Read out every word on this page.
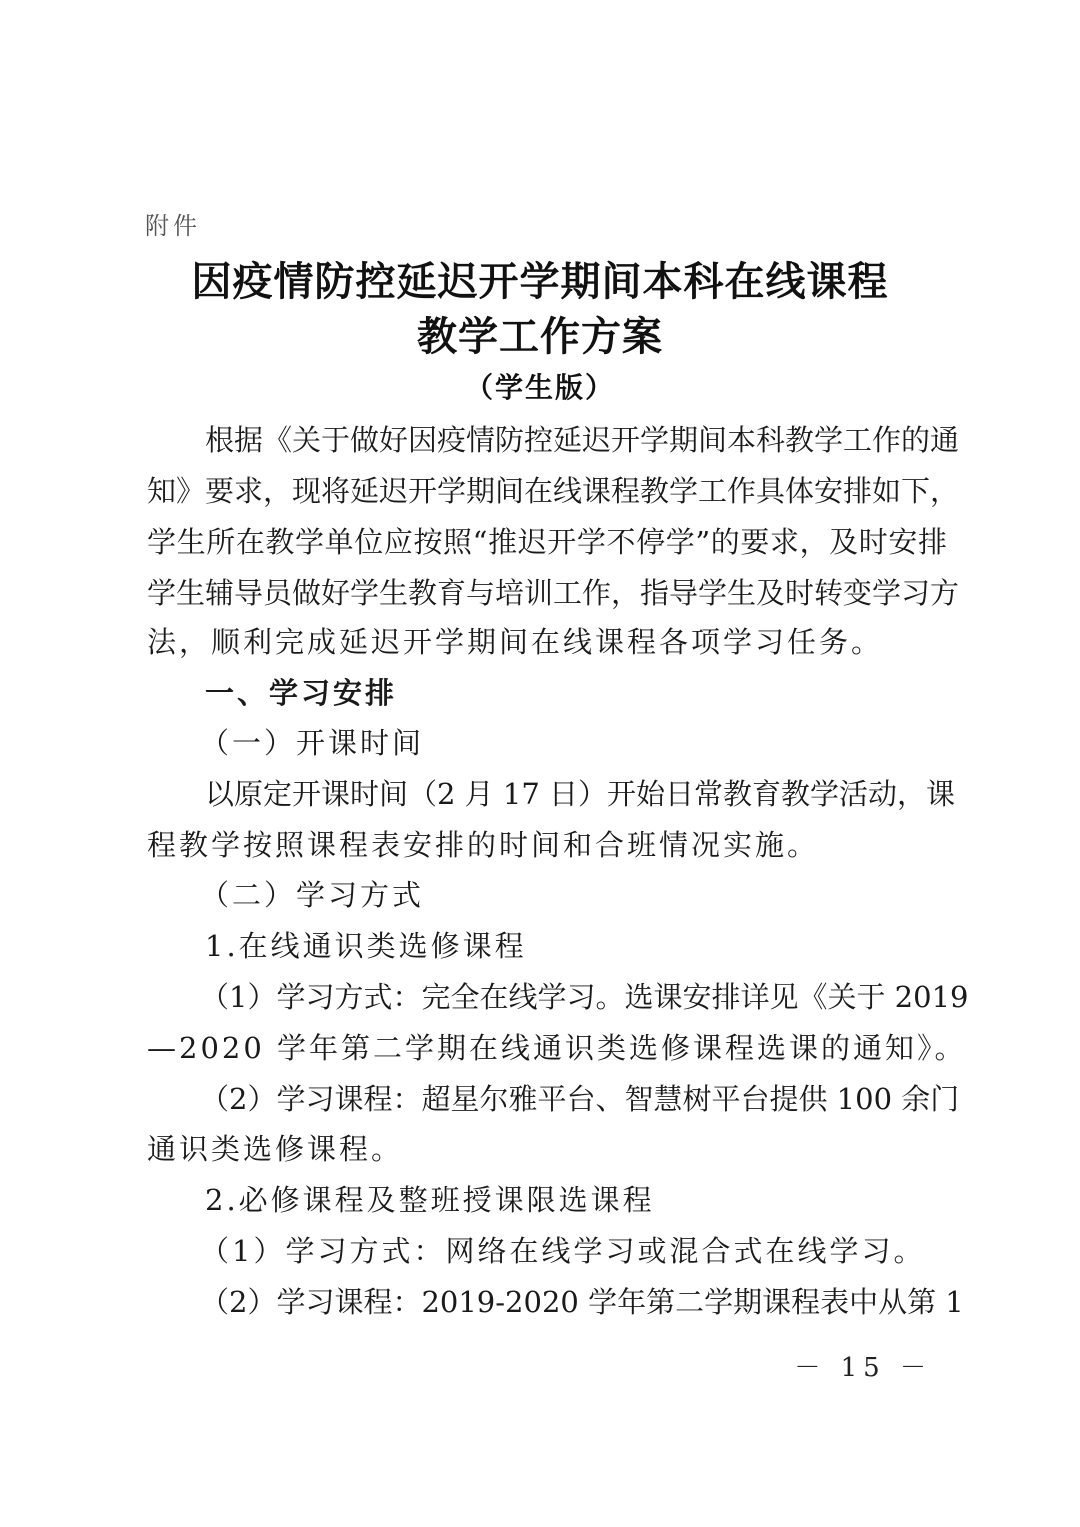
附件
因疫情防控延迟开学期间本科在线课程
教学工作方案
（学生版）
根据《关于做好因疫情防控延迟开学期间本科教学工作的通
知》要求，现将延迟开学期间在线课程教学工作具体安排如下，
学生所在教学单位应按照“推迟开学不停学”的要求，及时安排
学生辅导员做好学生教育与培训工作，指导学生及时转变学习方
法，顺利完成延迟开学期间在线课程各项学习任务。
一、学习安排
（一）开课时间
以原定开课时间（2 月 17 日）开始日常教育教学活动，课
程教学按照课程表安排的时间和合班情况实施。
（二）学习方式
1.在线通识类选修课程
（1）学习方式：完全在线学习。选课安排详见《关于 2019
—2020 学年第二学期在线通识类选修课程选课的通知》。
（2）学习课程：超星尔雅平台、智慧树平台提供 100 余门
通识类选修课程。
2.必修课程及整班授课限选课程
（1）学习方式：网络在线学习或混合式在线学习。
（2）学习课程：2019-2020 学年第二学期课程表中从第 1
－ 15 －
